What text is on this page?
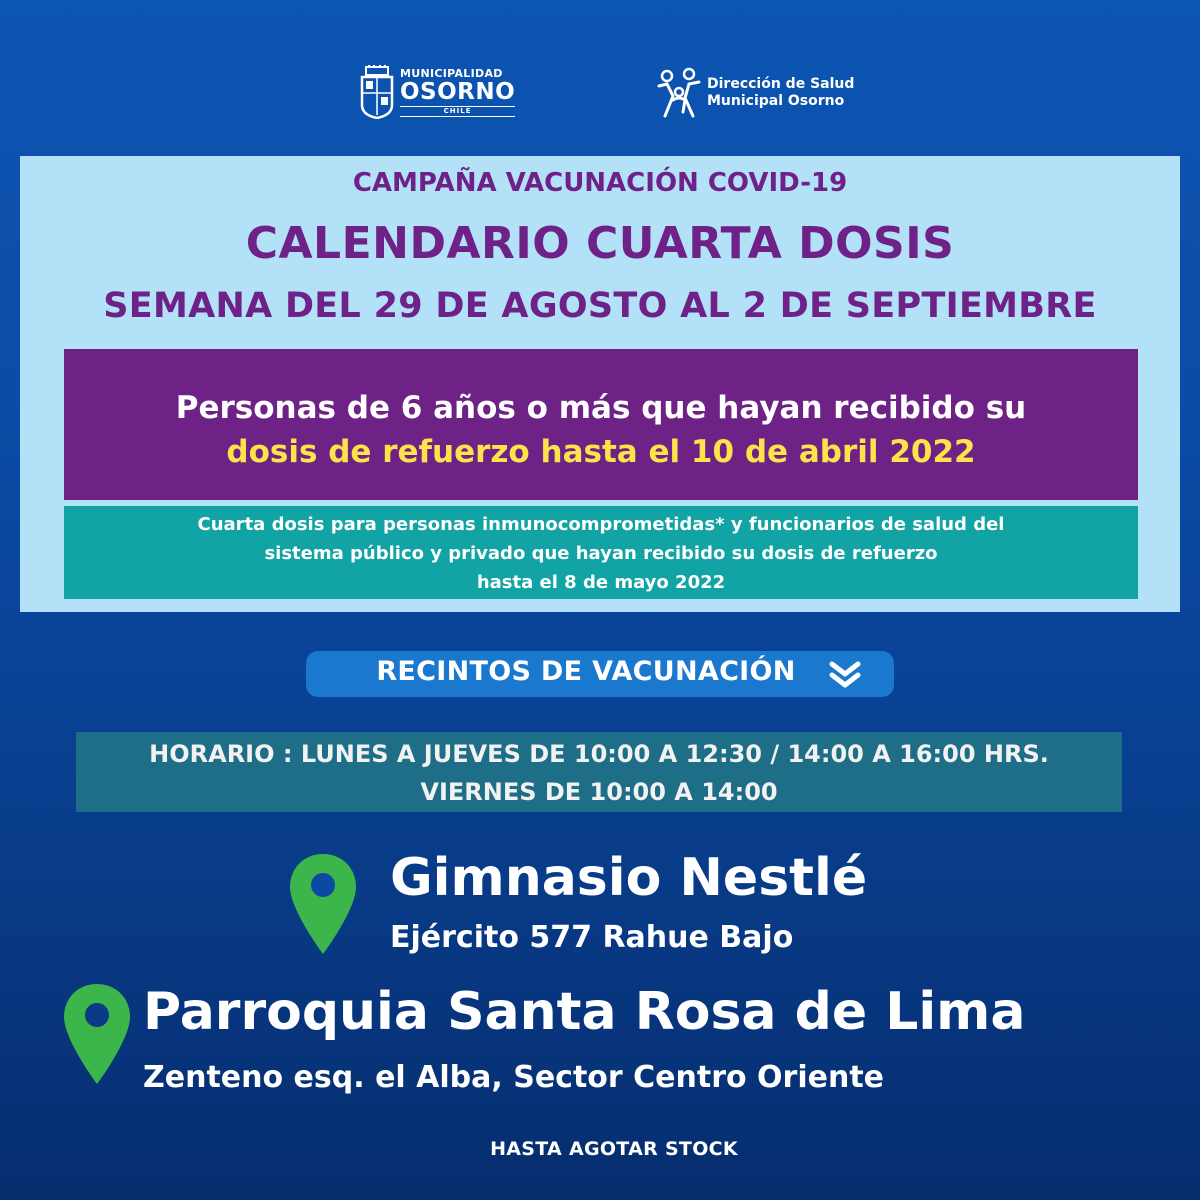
MUNICIPALIDAD
OSORNO
CHILE
Dirección de Salud
Municipal Osorno
CAMPAÑA VACUNACIÓN COVID-19
CALENDARIO CUARTA DOSIS
SEMANA DEL 29 DE AGOSTO AL 2 DE SEPTIEMBRE
Personas de 6 años o más que hayan recibido su
dosis de refuerzo hasta el 10 de abril 2022
Cuarta dosis para personas inmunocomprometidas* y funcionarios de salud del
sistema público y privado que hayan recibido su dosis de refuerzo
hasta el 8 de mayo 2022
RECINTOS DE VACUNACIÓN
HORARIO : LUNES A JUEVES DE 10:00 A 12:30 / 14:00 A 16:00 HRS.
VIERNES DE 10:00 A 14:00
Gimnasio Nestlé
Ejército 577 Rahue Bajo
Parroquia Santa Rosa de Lima
Zenteno esq. el Alba, Sector Centro Oriente
HASTA AGOTAR STOCK
